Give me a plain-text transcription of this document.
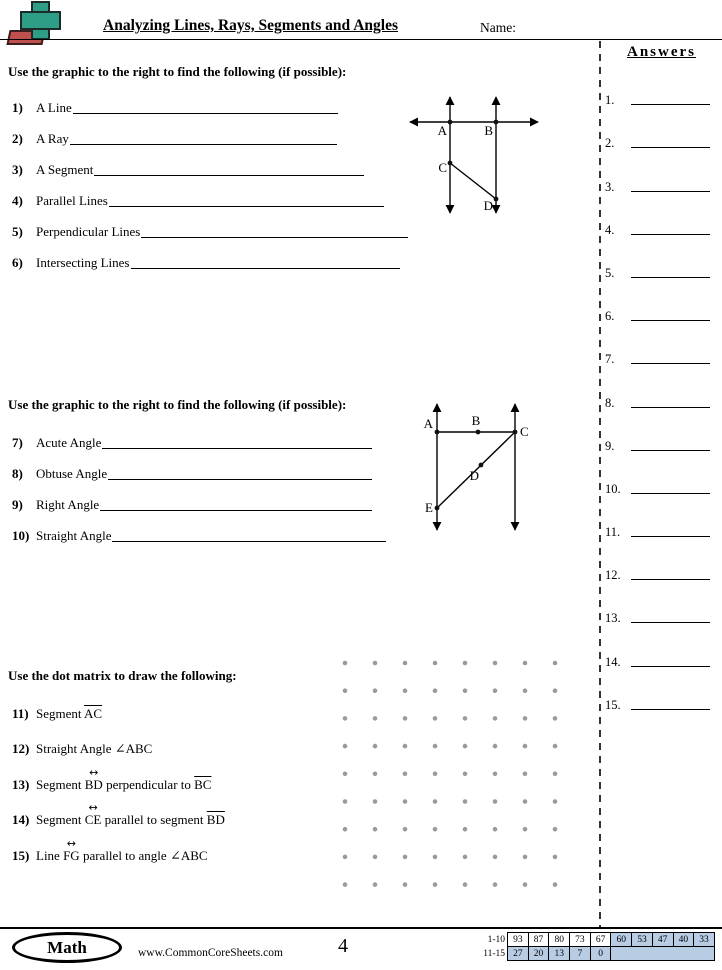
Analyzing Lines, Rays, Segments and Angles	Name:
Answers
1.
2.
3.
4.
5.
6.
7.
8.
9.
10.
11.
12.
13.
14.
15.

Use the graphic to the right to find the following (if possible):

1)	A Line
2)	A Ray
3)	A Segment
4)	Parallel Lines
5)	Perpendicular Lines
6)	Intersecting Lines
A	B
C
D

Use the graphic to the right to find the following (if possible):

7)	Acute Angle
8)	Obtuse Angle
9)	Right Angle
10) Straight Angle
A	B
C
D
E

Use the dot matrix to draw the following:

11) Segment $\overline{AC}$
12) Straight Angle ∠ABC
13) Segment ↔ BD perpendicular to $\overline{BC}$
14) Segment ↔ CE parallel to segment $\overline{BD}$
15) Line ↔ FG parallel to angle ∠ABC
Math	www.CommonCoreSheets.com	4	1-10 93	87	80	73	67	60	53	47	40	33
11-15 27	20	13	7	0
